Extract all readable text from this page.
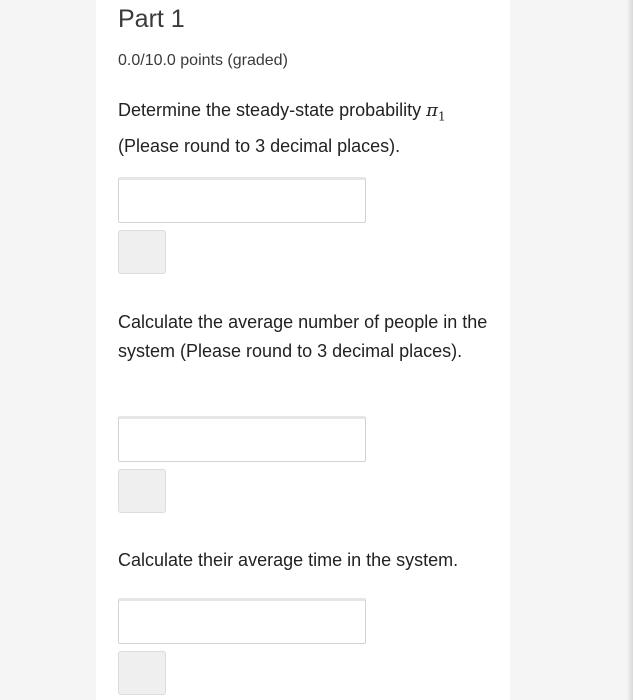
Part 1
0.0/10.0 points (graded)
Determine the steady-state probability $\pi_1$
(Please round to 3 decimal places).
Calculate the average number of people in the system (Please round to 3 decimal places).
Calculate their average time in the system.
